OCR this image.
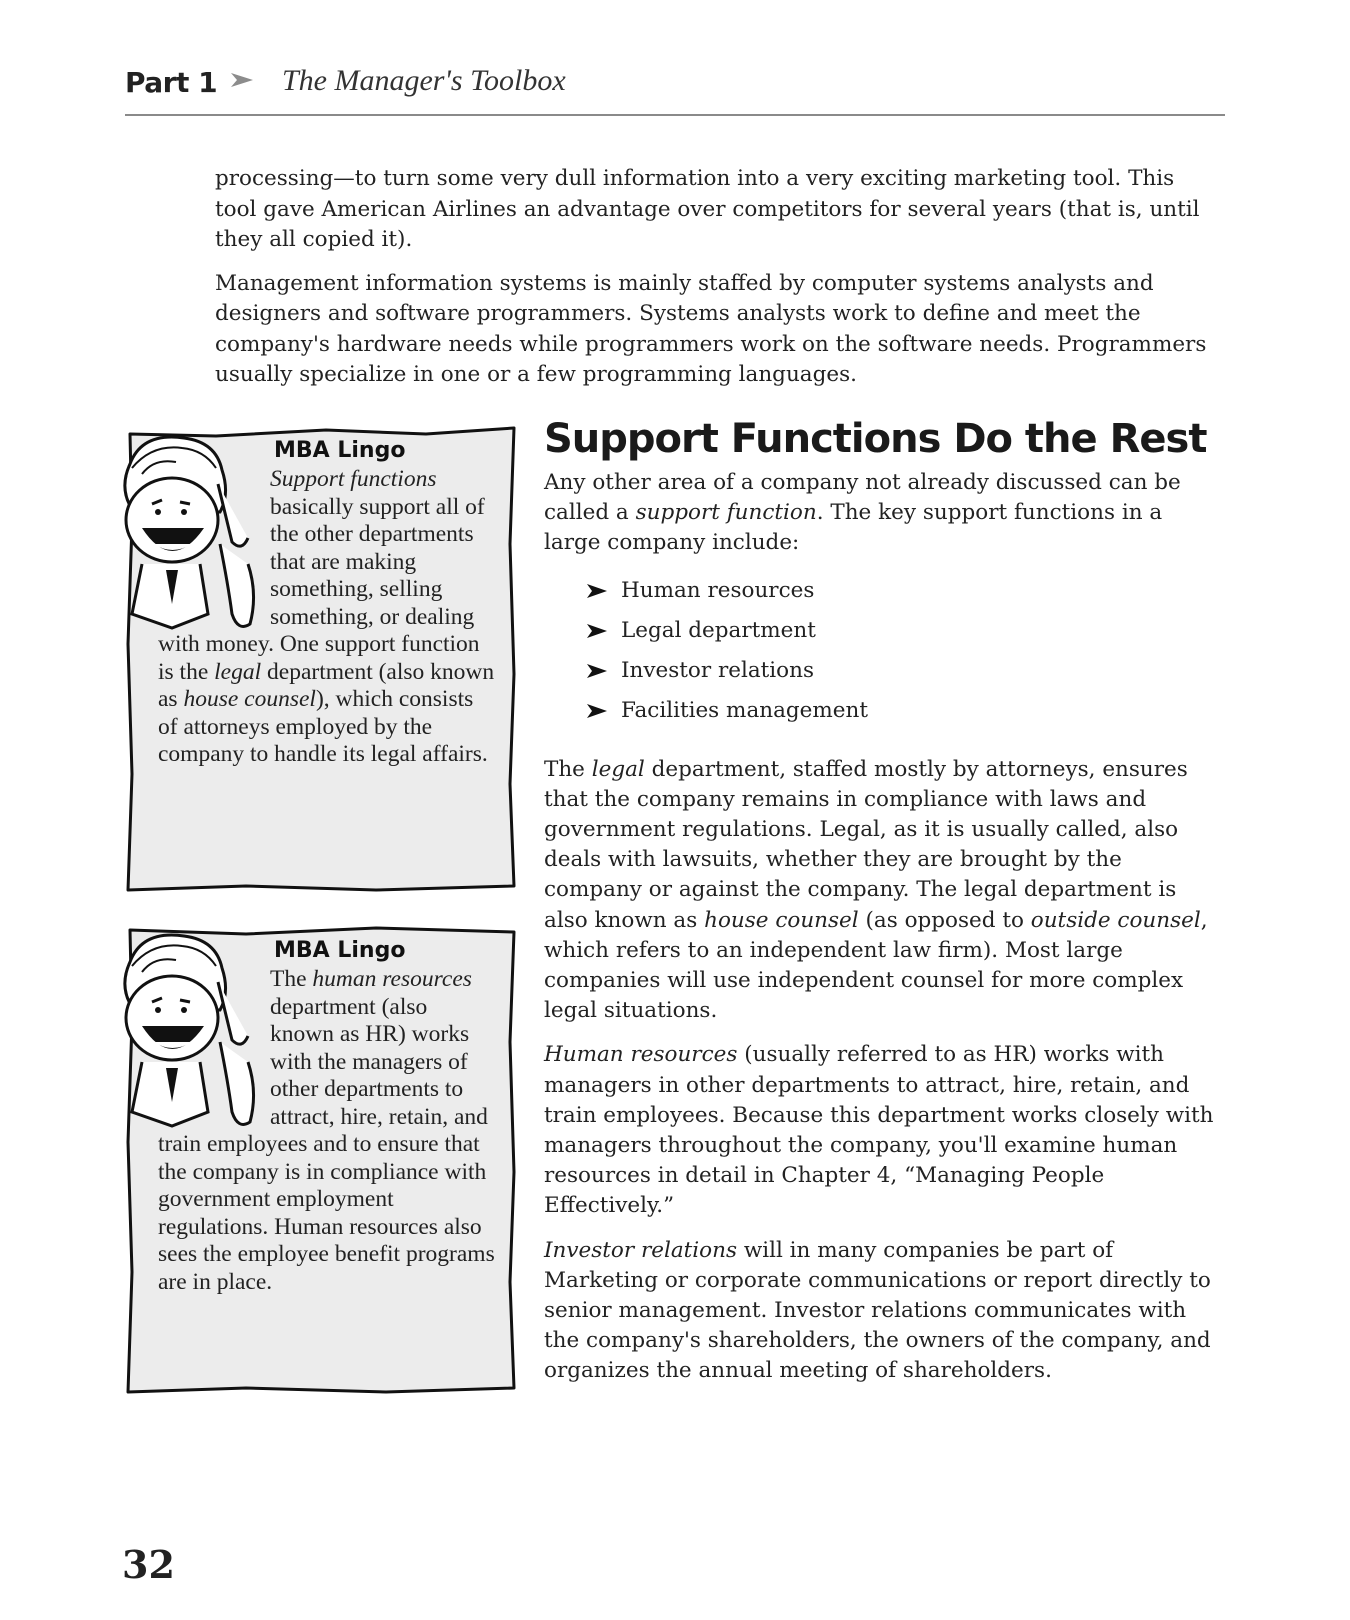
Part 1 The Manager's Toolbox

processing—to turn some very dull information into a very exciting marketing tool. This tool gave American Airlines an advantage over competitors for several years (that is, until they all copied it).

Management information systems is mainly staffed by computer systems analysts and designers and software programmers. Systems analysts work to define and meet the company's hardware needs while programmers work on the software needs. Programmers usually specialize in one or a few programming languages.

MBA Lingo
Support functions basically support all of the other departments that are making something, selling something, or dealing with money. One support function is the legal department (also known as house counsel), which consists of attorneys employed by the company to handle its legal affairs.
MBA Lingo
The human resources department (also known as HR) works with the managers of other departments to attract, hire, retain, and train employees and to ensure that the company is in compliance with government employment regulations. Human resources also sees the employee benefit programs are in place.
Support Functions Do the Rest

Any other area of a company not already discussed can be called a support function. The key support functions in a large company include:

Human resources
Legal department
Investor relations
Facilities management

The legal department, staffed mostly by attorneys, ensures that the company remains in compliance with laws and government regulations. Legal, as it is usually called, also deals with lawsuits, whether they are brought by the company or against the company. The legal department is also known as house counsel (as opposed to outside counsel, which refers to an independent law firm). Most large companies will use independent counsel for more complex legal situations.

Human resources (usually referred to as HR) works with managers in other departments to attract, hire, retain, and train employees. Because this department works closely with managers throughout the company, you'll examine human resources in detail in Chapter 4, “Managing People Effectively.”

Investor relations will in many companies be part of Marketing or corporate communications or report directly to senior management. Investor relations communicates with the company's shareholders, the owners of the company, and organizes the annual meeting of shareholders.

32
